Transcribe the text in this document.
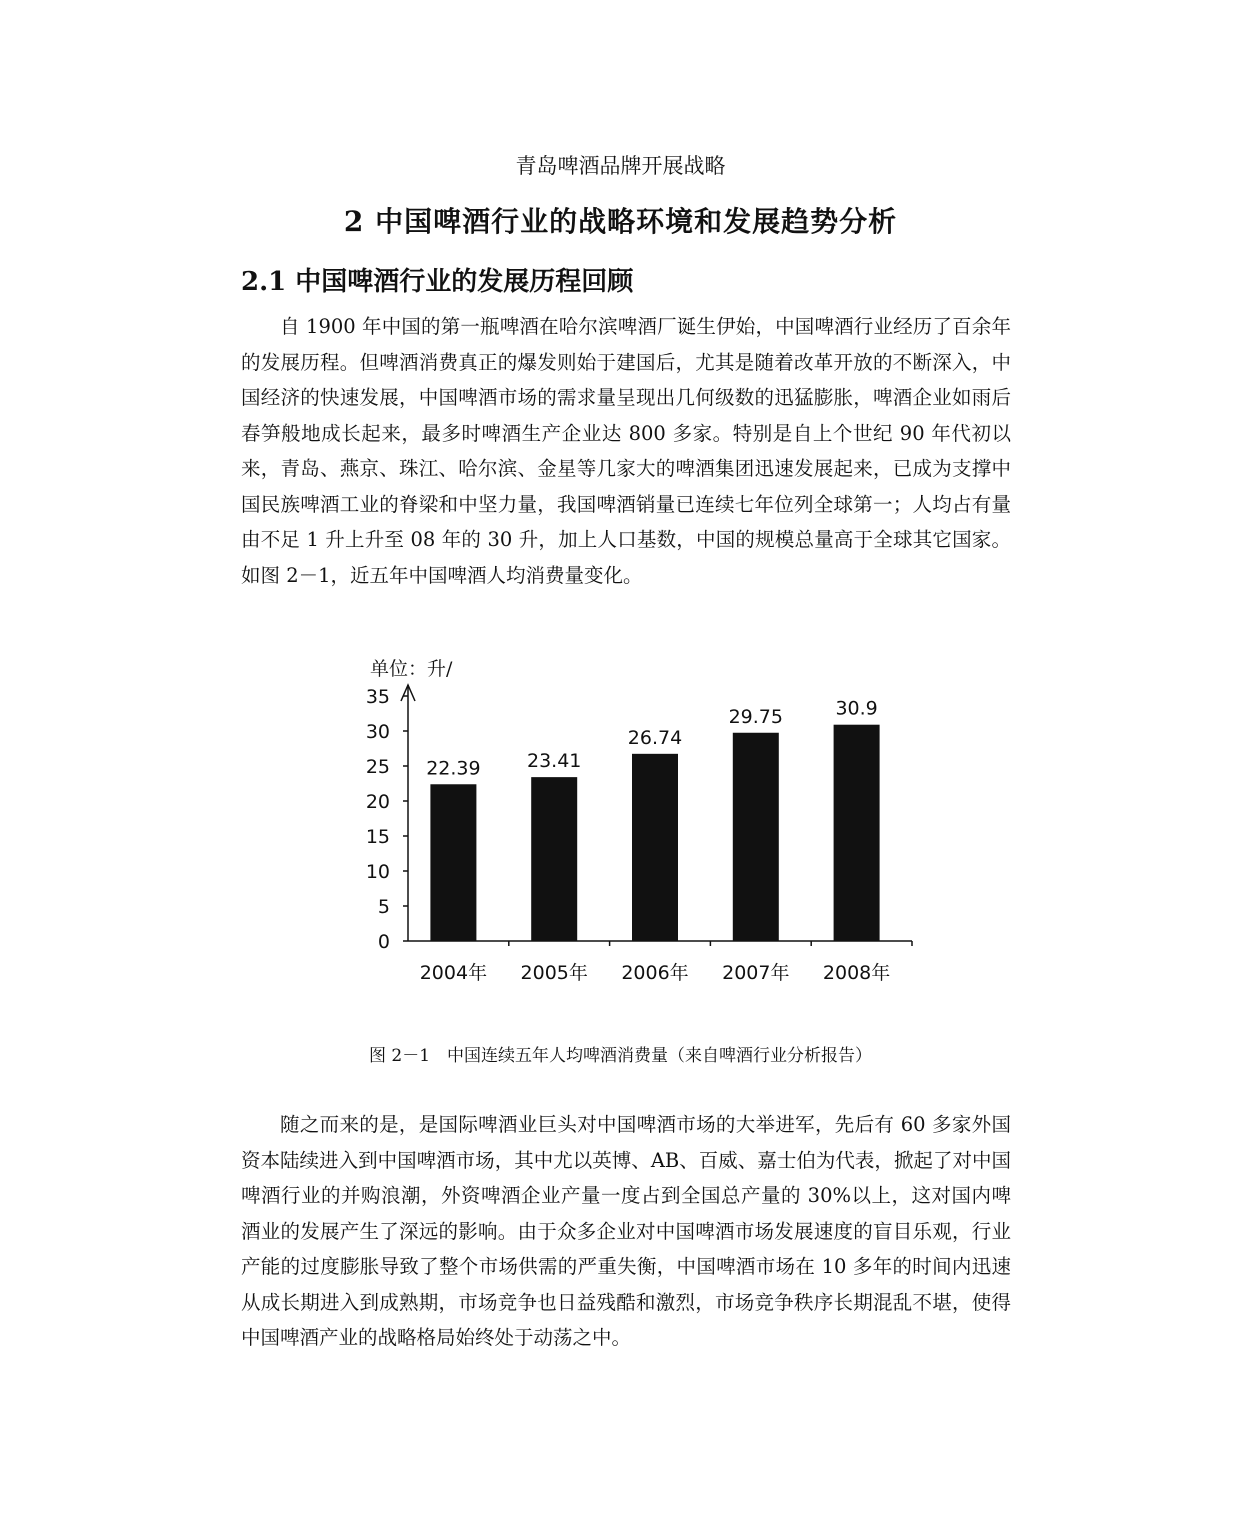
青岛啤酒品牌开展战略
2 中国啤酒行业的战略环境和发展趋势分析
2.1 中国啤酒行业的发展历程回顾

自 1900 年中国的第一瓶啤酒在哈尔滨啤酒厂诞生伊始，中国啤酒行业经历了百余年的发展历程。但啤酒消费真正的爆发则始于建国后，尤其是随着改革开放的不断深入，中国经济的快速发展，中国啤酒市场的需求量呈现出几何级数的迅猛膨胀，啤酒企业如雨后春笋般地成长起来，最多时啤酒生产企业达 800 多家。特别是自上个世纪 90 年代初以来，青岛、燕京、珠江、哈尔滨、金星等几家大的啤酒集团迅速发展起来，已成为支撑中国民族啤酒工业的脊梁和中坚力量，我国啤酒销量已连续七年位列全球第一；人均占有量由不足 1 升上升至 08 年的 30 升，加上人口基数，中国的规模总量高于全球其它国家。如图 2－1，近五年中国啤酒人均消费量变化。

单位：升/
0
5
10
15
20
25
30
35
22.39
2004年
23.41
2005年
26.74
2006年
29.75
2007年
30.9
2008年
图 2－1　中国连续五年人均啤酒消费量（来自啤酒行业分析报告）

随之而来的是，是国际啤酒业巨头对中国啤酒市场的大举进军，先后有 60 多家外国资本陆续进入到中国啤酒市场，其中尤以英博、AB、百威、嘉士伯为代表，掀起了对中国啤酒行业的并购浪潮，外资啤酒企业产量一度占到全国总产量的 30%以上，这对国内啤酒业的发展产生了深远的影响。由于众多企业对中国啤酒市场发展速度的盲目乐观，行业产能的过度膨胀导致了整个市场供需的严重失衡，中国啤酒市场在 10 多年的时间内迅速从成长期进入到成熟期，市场竞争也日益残酷和激烈，市场竞争秩序长期混乱不堪，使得中国啤酒产业的战略格局始终处于动荡之中。
